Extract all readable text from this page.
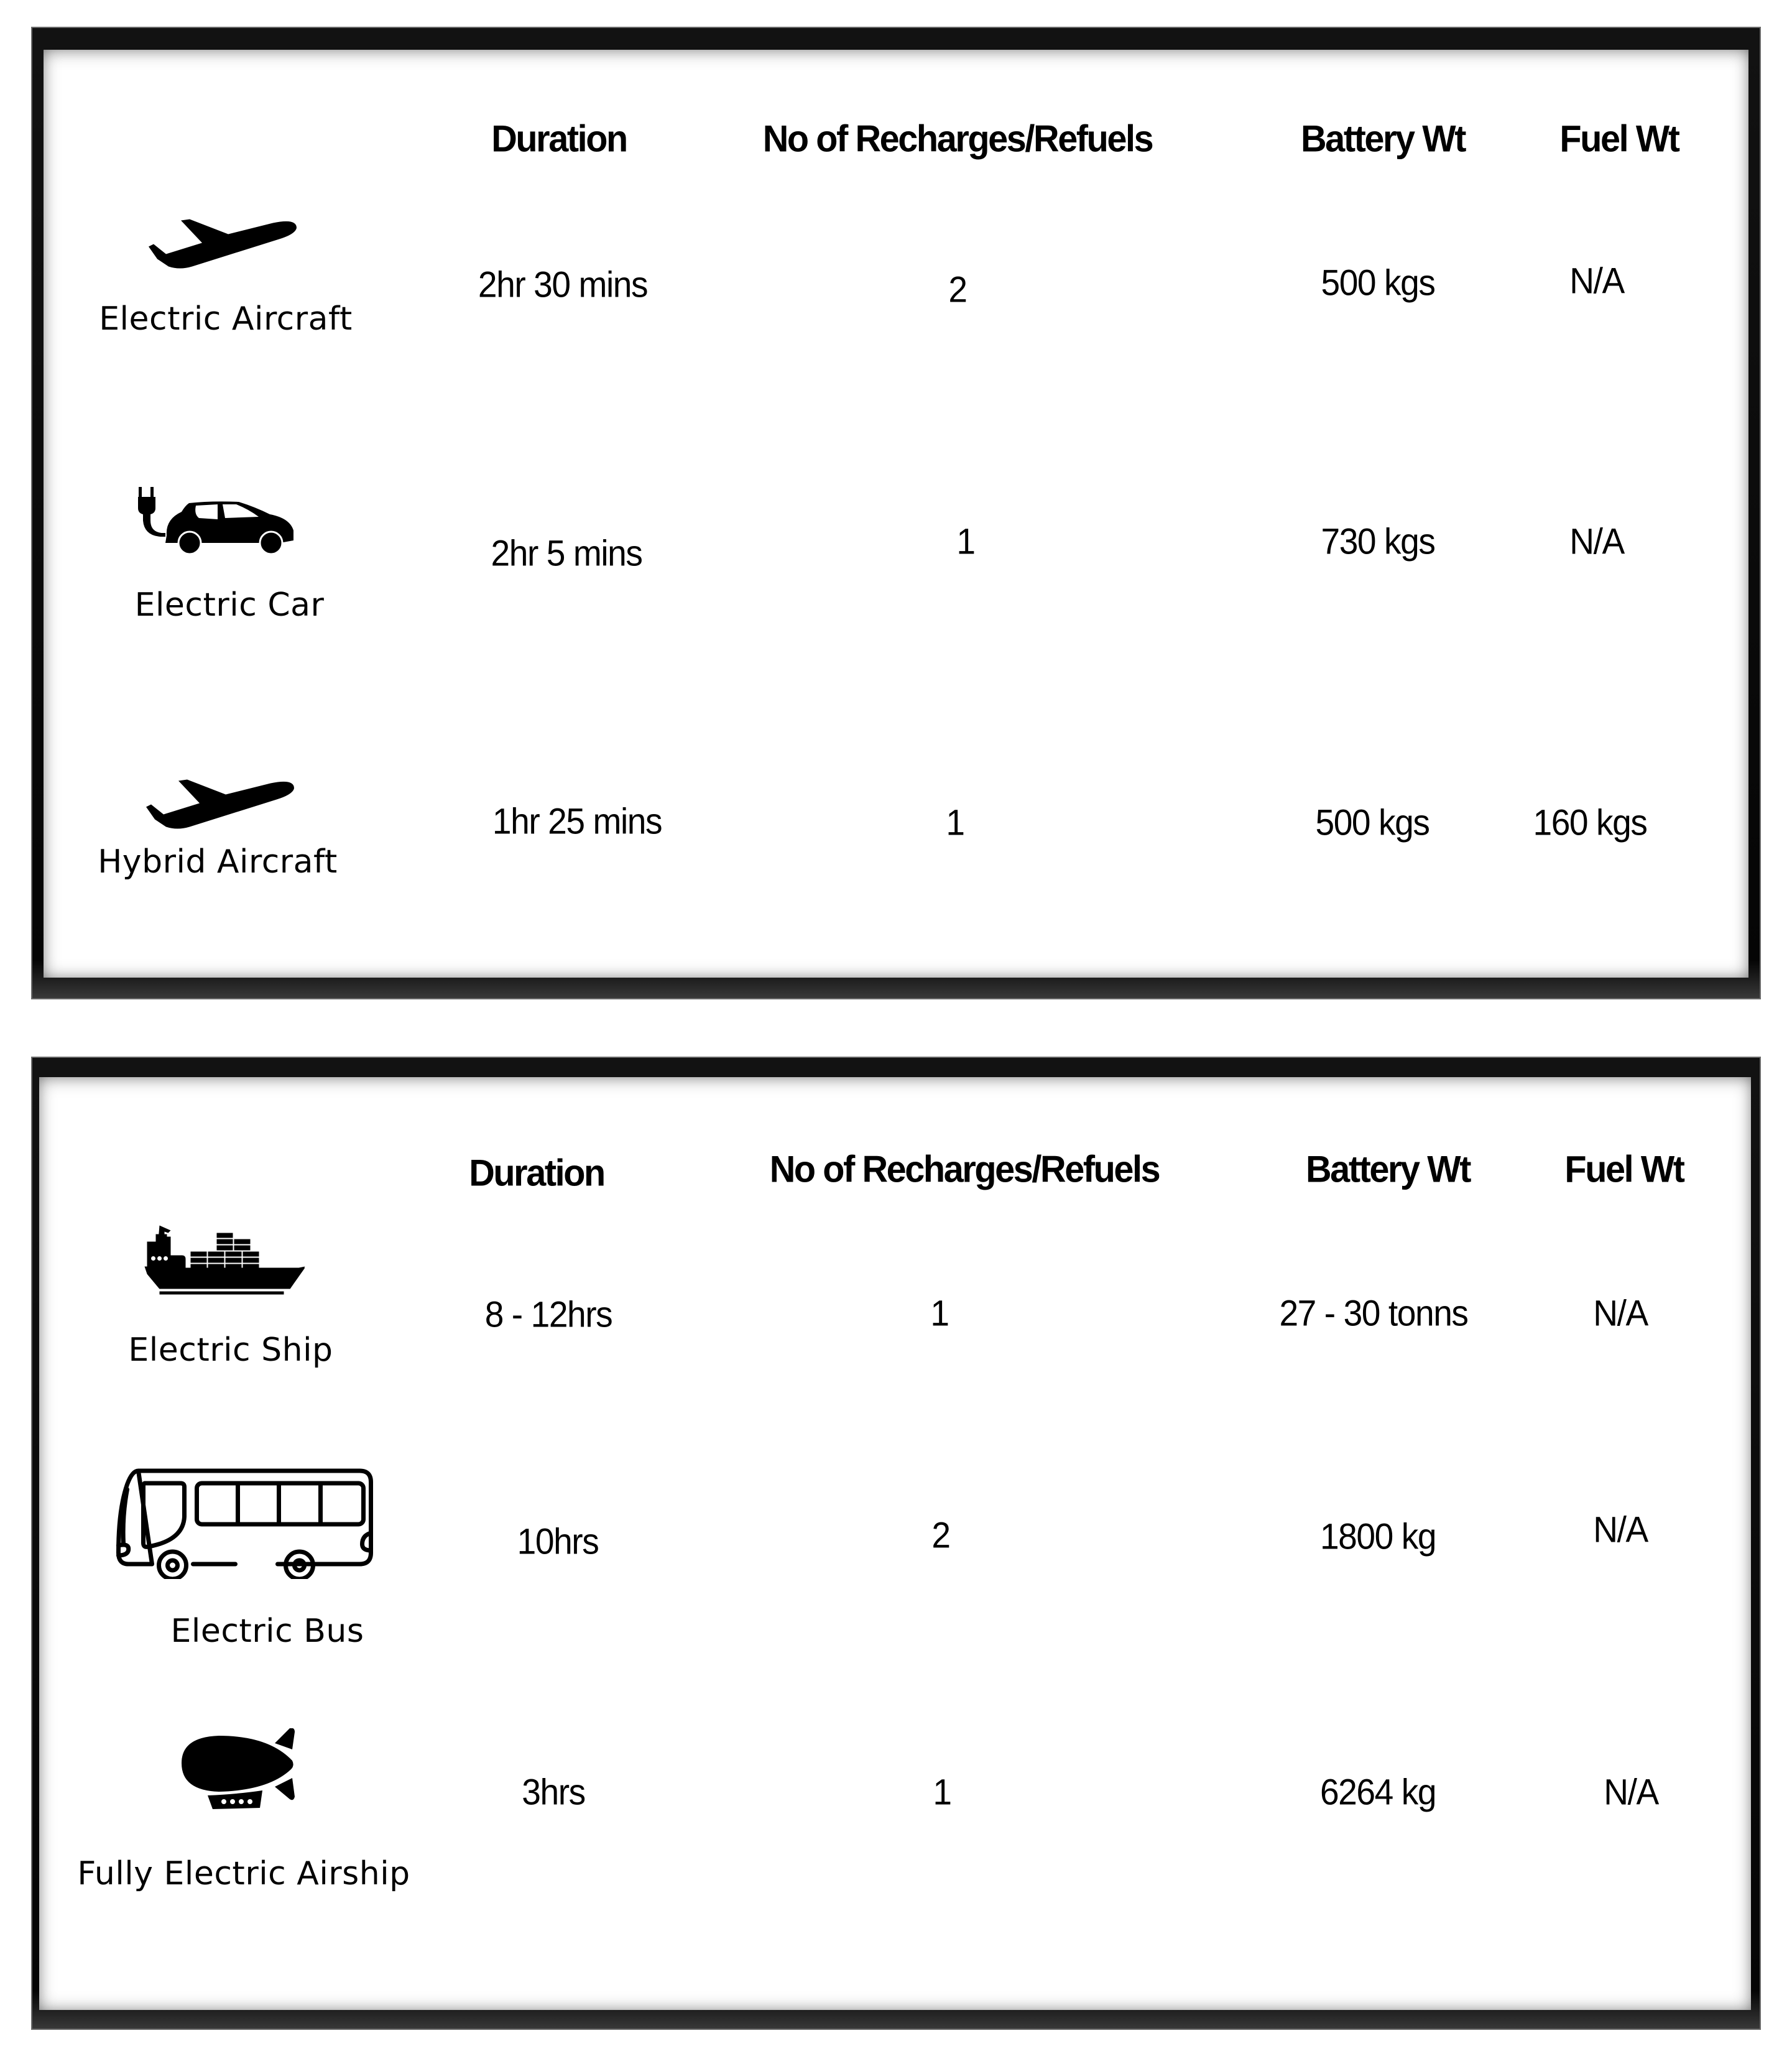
Duration	No of Recharges/Refuels	Battery Wt	Fuel Wt
Electric Aircraft
2hr 30 mins	2	500 kgs	N/A
Electric Car
2hr 5 mins	1	730 kgs	N/A
Hybrid Aircraft
1hr 25 mins	1	500 kgs	160 kgs
Duration	No of Recharges/Refuels	Battery Wt	Fuel Wt
Electric Ship
8 - 12hrs	1	27 - 30 tonns	N/A
Electric Bus
10hrs	2	1800 kg	N/A
Fully Electric Airship
3hrs	1	6264 kg	N/A
